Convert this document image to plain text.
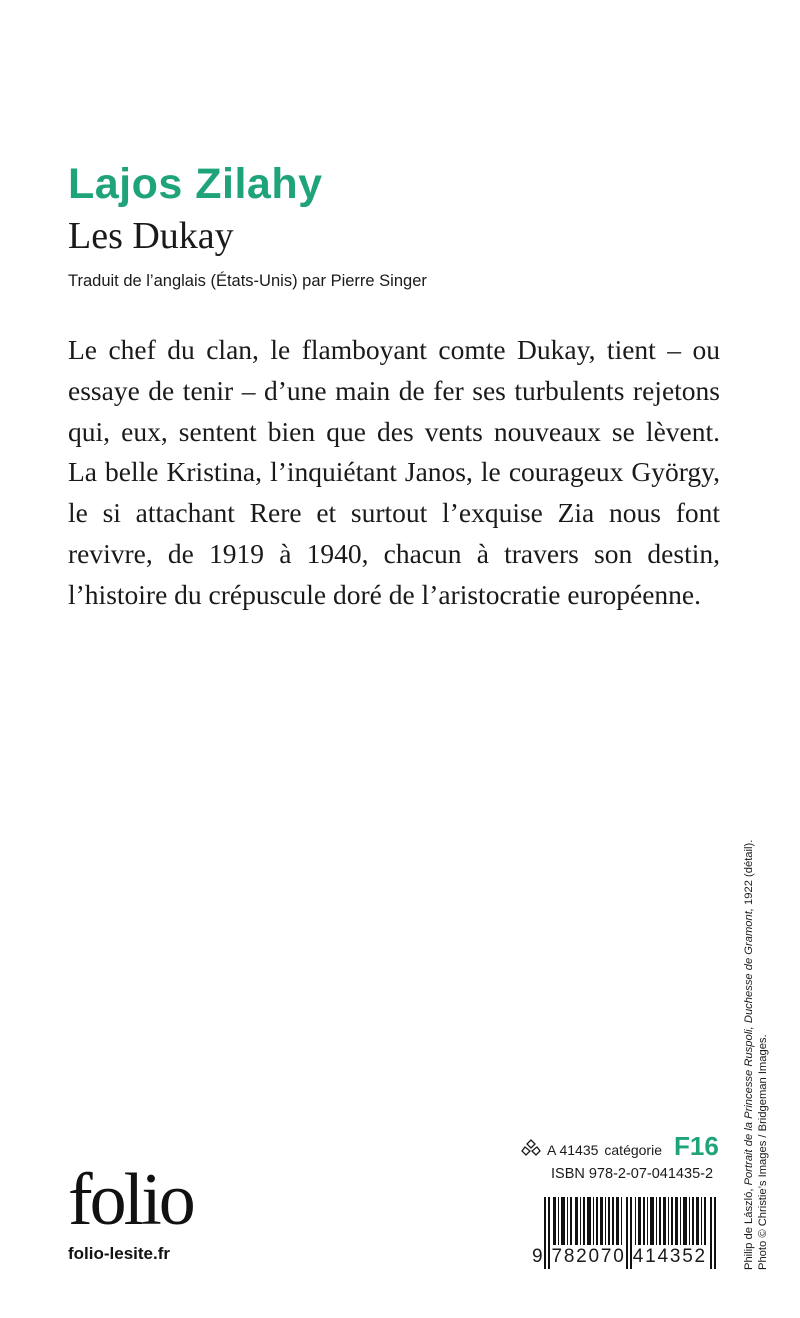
Lajos Zilahy
Les Dukay
Traduit de l’anglais (États-Unis) par Pierre Singer
Le chef du clan, le flamboyant comte Dukay, tient – ou
essaye de tenir – d’une main de fer ses turbulents rejetons
qui, eux, sentent bien que des vents nouveaux se lèvent.
La belle Kristina, l’inquiétant Janos, le courageux György,
le si attachant Rere et surtout l’exquise Zia nous font
revivre, de 1919 à 1940, chacun à travers son destin,
l’histoire du crépuscule doré de l’aristocratie européenne.
Philip de László, Portrait de la Princesse Ruspoli, Duchesse de Gramont, 1922 (détail).
Photo © Christie’s Images / Bridgeman Images.
A 41435 catégorie F16
ISBN 978-2-07-041435-2
9 782070 414352
folio
folio-lesite.fr
